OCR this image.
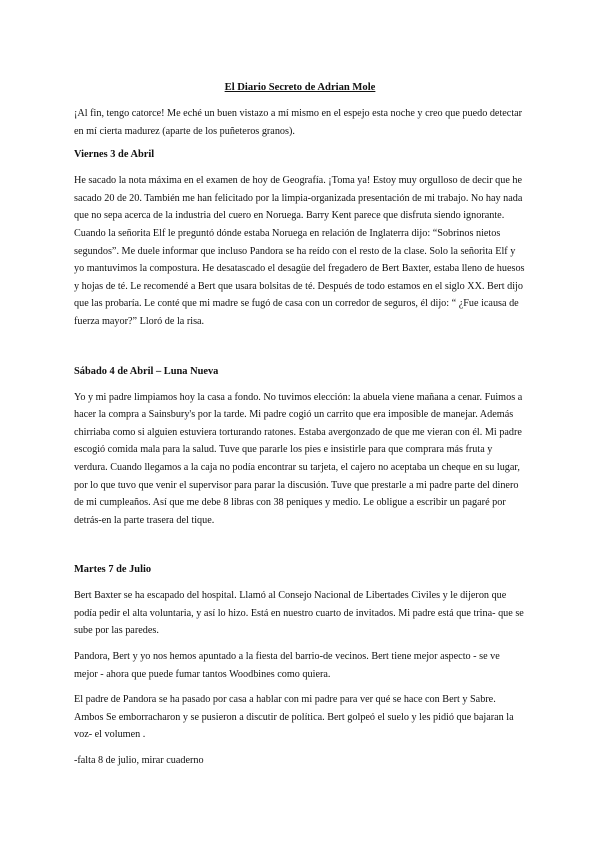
El Diario Secreto de Adrian Mole

¡Al fin, tengo catorce! Me eché un buen vistazo a mí mismo en el espejo esta noche y creo que puedo detectar en mí cierta madurez (aparte de los puñeteros granos).

Viernes 3 de Abril

He sacado la nota máxima en el examen de hoy de Geografía. ¡Toma ya! Estoy muy orgulloso de decir que he sacado 20 de 20. También me han felicitado por la limpia-organizada presentación de mi trabajo. No hay nada que no sepa acerca de la industria del cuero en Noruega. Barry Kent parece que disfruta siendo ignorante. Cuando la señorita Elf le preguntó dónde estaba Noruega en relación de Inglaterra dijo: “Sobrinos nietos segundos”. Me duele informar que incluso Pandora se ha reído con el resto de la clase. Solo la señorita Elf y yo mantuvimos la compostura. He desatascado el desagüe del fregadero de Bert Baxter, estaba lleno de huesos y hojas de té. Le recomendé a Bert que usara bolsitas de té. Después de todo estamos en el siglo XX. Bert dijo que las probaría. Le conté que mi madre se fugó de casa con un corredor de seguros, él dijo: “ ¿Fue icausa de fuerza mayor?” Lloró de la risa.

Sábado 4 de Abril – Luna Nueva

Yo y mi padre limpiamos hoy la casa a fondo. No tuvimos elección: la abuela viene mañana a cenar. Fuimos a hacer la compra a Sainsbury's por la tarde. Mi padre cogió un carrito que era imposible de manejar. Además chirriaba como si alguien estuviera torturando ratones. Estaba avergonzado de que me vieran con él. Mi padre escogió comida mala para la salud. Tuve que pararle los pies e insistirle para que comprara más fruta y verdura. Cuando llegamos a la caja no podía encontrar su tarjeta, el cajero no aceptaba un cheque en su lugar, por lo que tuvo que venir el supervisor para parar la discusión. Tuve que prestarle a mi padre parte del dinero de mi cumpleaños. Así que me debe 8 libras con 38 peniques y medio. Le obligue a escribir un pagaré por detrás-en la parte trasera del tique.

Martes 7 de Julio

Bert Baxter se ha escapado del hospital. Llamó al Consejo Nacional de Libertades Civiles y le dijeron que podía pedir el alta voluntaria, y así lo hizo. Está en nuestro cuarto de invitados. Mi padre está que trina- que se sube por las paredes.

Pandora, Bert y yo nos hemos apuntado a la fiesta del barrio-de vecinos. Bert tiene mejor aspecto - se ve mejor - ahora que puede fumar tantos Woodbines como quiera.

El padre de Pandora se ha pasado por casa a hablar con mi padre para ver qué se hace con Bert y Sabre. Ambos Se emborracharon y se pusieron a discutir de política. Bert golpeó el suelo y les pidió que bajaran la voz- el volumen .

-falta 8 de julio, mirar cuaderno
